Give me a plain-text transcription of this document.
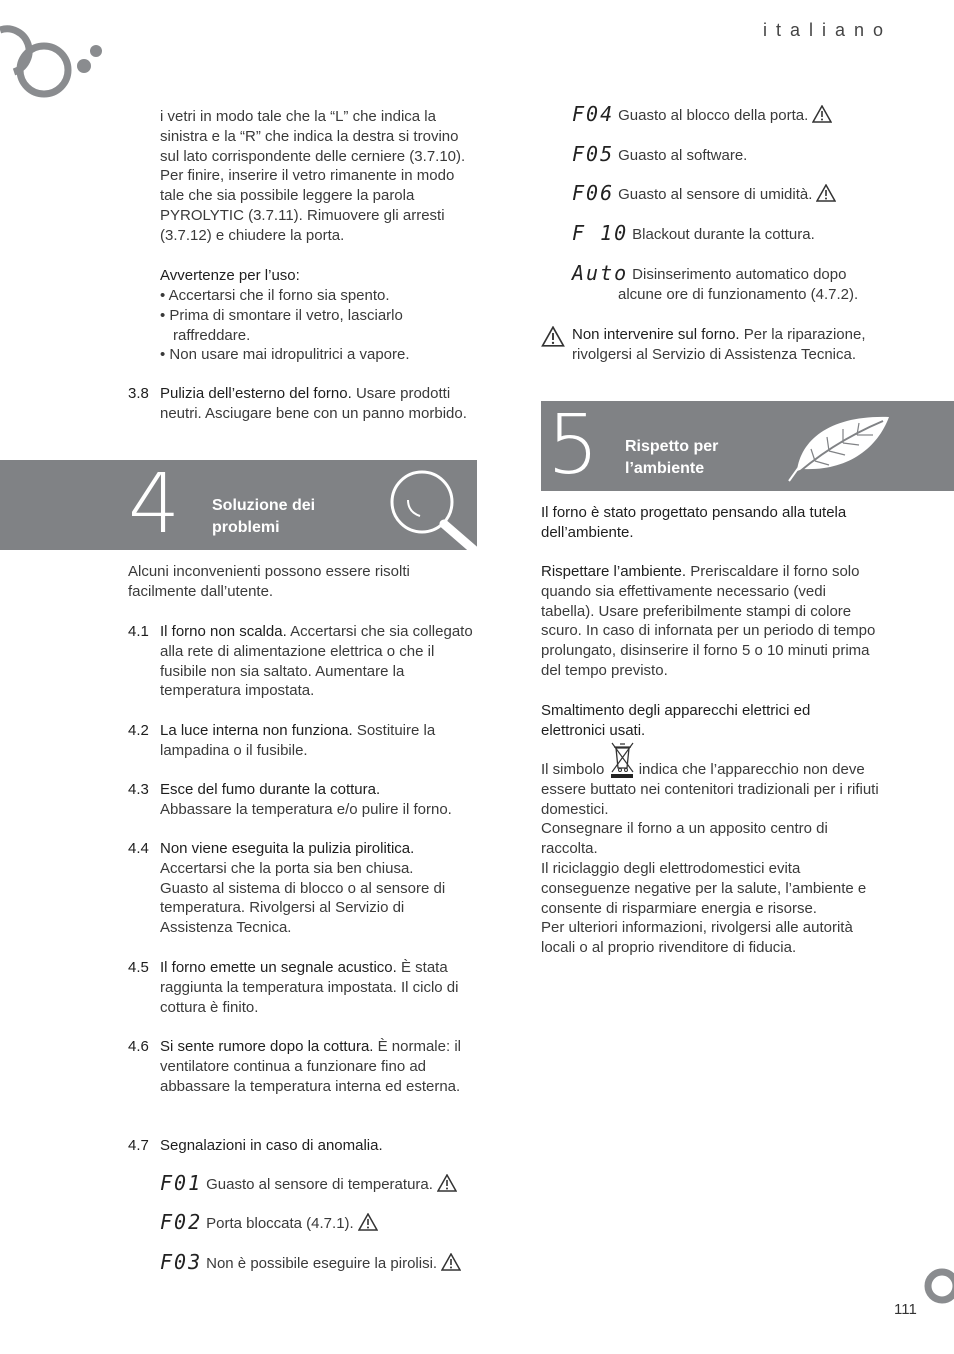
italiano

i vetri in modo tale che la “L” che indica la sinistra e la “R” che indica la destra si trovino sul lato corrispondente delle cerniere (3.7.10). Per finire, inserire il vetro rimanente in modo tale che sia possibile leggere la parola PYROLYTIC (3.7.11). Rimuovere gli arresti (3.7.12) e chiudere la porta.

Avvertenze per l’uso:

• Accertarsi che il forno sia spento.
• Prima di smontare il vetro, lasciarlo raffreddare.
• Non usare mai idropulitrici a vapore.
3.8 Pulizia dell’esterno del forno. Usare prodotti neutri. Asciugare bene con un panno morbido.

4 Soluzione dei
problemi

Alcuni inconvenienti possono essere risolti facilmente dall’utente.

4.1 Il forno non scalda. Accertarsi che sia collegato alla rete di alimentazione elettrica o che il fusibile non sia saltato. Aumentare la temperatura impostata.

4.2 La luce interna non funziona. Sostituire la lampadina o il fusibile.

4.3 Esce del fumo durante la cottura.
Abbassare la temperatura e/o pulire il forno.

4.4 Non viene eseguita la pulizia pirolitica.
Accertarsi che la porta sia ben chiusa. Guasto al sistema di blocco o al sensore di temperatura. Rivolgersi al Servizio di Assistenza Tecnica.

4.5 Il forno emette un segnale acustico. È stata raggiunta la temperatura impostata. Il ciclo di cottura è finito.

4.6 Si sente rumore dopo la cottura. È normale: il ventilatore continua a funzionare fino ad abbassare la temperatura interna ed esterna.

4.7 Segnalazioni in caso di anomalia.

F01 Guasto al sensore di temperatura.
F02 Porta bloccata (4.7.1).
F03 Non è possibile eseguire la pirolisi.
F04 Guasto al blocco della porta.
F05 Guasto al software.
F06 Guasto al sensore di umidità.
F 10 Blackout durante la cottura.
Auto Disinserimento automatico dopo

alcune ore di funzionamento (4.7.2).

Non intervenire sul forno. Per la riparazione, rivolgersi al Servizio di Assistenza Tecnica.

5 Rispetto per
l’ambiente

Il forno è stato progettato pensando alla tutela dell’ambiente.

Rispettare l’ambiente. Preriscaldare il forno solo quando sia effettivamente necessario (vedi tabella). Usare preferibilmente stampi di colore scuro. In caso di infornata per un periodo di tempo prolungato, disinserire il forno 5 o 10 minuti prima del tempo previsto.

Smaltimento degli apparecchi elettrici ed elettronici usati.

Il simbolo  indica che l’apparecchio non deve essere buttato nei contenitori tradizionali per i rifiuti domestici.
Consegnare il forno a un apposito centro di raccolta.
Il riciclaggio degli elettrodomestici evita conseguenze negative per la salute, l’ambiente e consente di risparmiare energia e risorse.
Per ulteriori informazioni, rivolgersi alle autorità locali o al proprio rivenditore di fiducia.

111
